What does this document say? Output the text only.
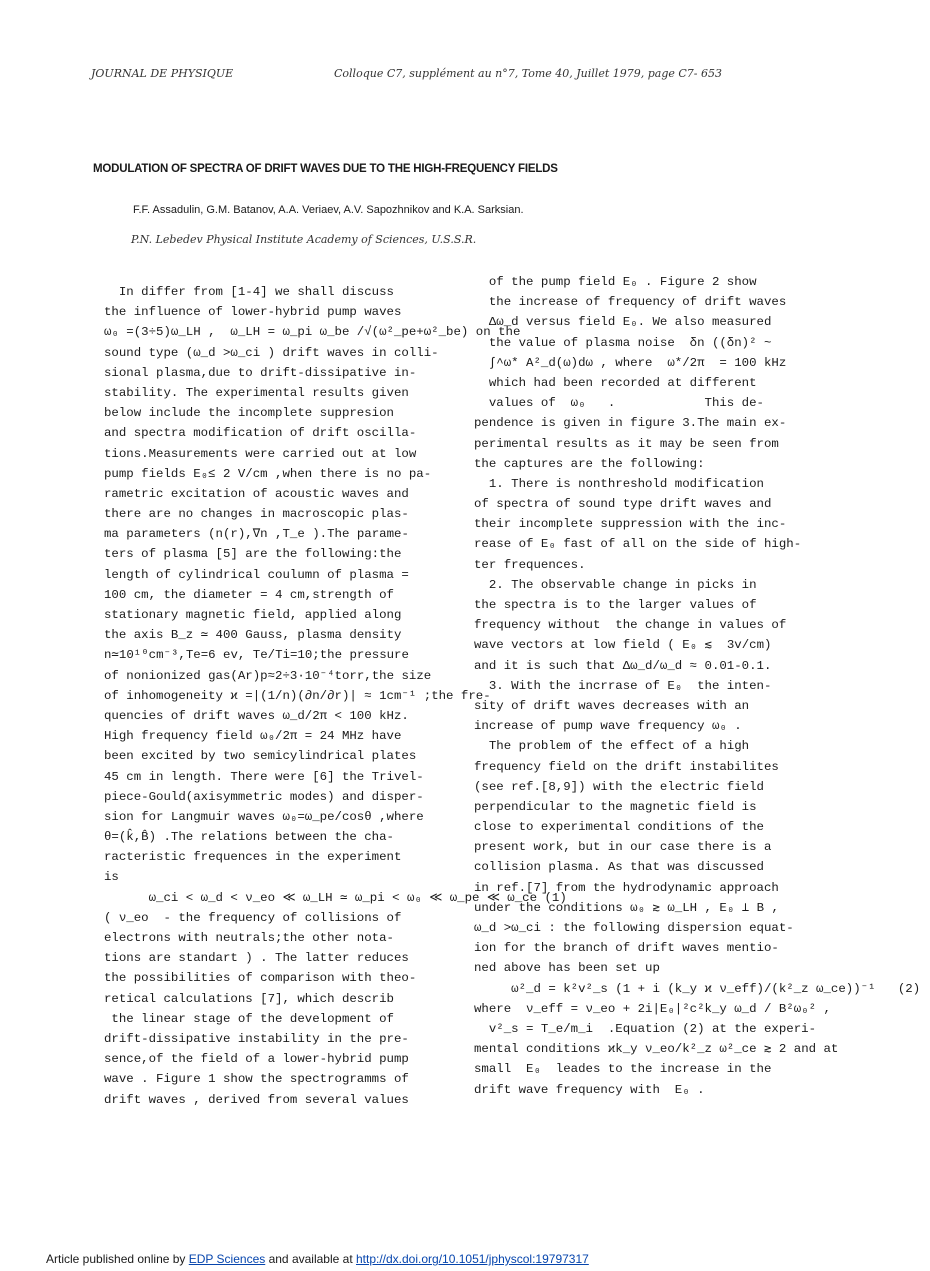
JOURNAL DE PHYSIQUE	Colloque C7, supplément au n°7, Tome 40, Juillet 1979, page C7- 653
MODULATION OF SPECTRA OF DRIFT WAVES DUE TO THE HIGH-FREQUENCY FIELDS
F.F. Assadulin, G.M. Batanov, A.A. Veriaev, A.V. Sapozhnikov and K.A. Sarksian.
P.N. Lebedev Physical Institute Academy of Sciences, U.S.S.R.
In differ from [1-4] we shall discuss
the influence of lower-hybrid pump waves
ω₀ =(3÷5)ω_LH ,  ω_LH = ω_pi ω_be /√(ω²_pe+ω²_be) on the
sound type (ω_d >ω_ci ) drift waves in colli-
sional plasma,due to drift-dissipative in-
stability. The experimental results given
below include the incomplete suppresion
and spectra modification of drift oscilla-
tions.Measurements were carried out at low
pump fields E₀≤ 2 V/cm ,when there is no pa-
rametric excitation of acoustic waves and
there are no changes in macroscopic plas-
ma parameters (n(r),∇n ,T_e ).The parame-
ters of plasma [5] are the following:the
length of cylindrical coulumn of plasma =
100 cm, the diameter = 4 cm,strength of
stationary magnetic field, applied along
the axis B_z ≃ 400 Gauss, plasma density
n≃10¹⁰cm⁻³,Te=6 ev, Te/Ti=10;the pressure
of nonionized gas(Ar)p≈2÷3·10⁻⁴torr,the size
of inhomogeneity ϰ =|(1/n)(∂n/∂r)| ≈ 1cm⁻¹ ;the fre-
quencies of drift waves ω_d/2π < 100 kHz.
High frequency field ω₀/2π = 24 MHz have
been excited by two semicylindrical plates
45 cm in length. There were [6] the Trivel-
piece-Gould(axisymmetric modes) and disper-
sion for Langmuir waves ω₀=ω_pe/cosθ ,where
θ=(k̂,B̂) .The relations between the cha-
racteristic frequences in the experiment
is
ω_ci < ω_d < ν_eo ≪ ω_LH ≃ ω_pi < ω₀ ≪ ω_pe ≪ ω_ce (1)
( ν_eo  - the frequency of collisions of
electrons with neutrals;the other nota-
tions are standart ) . The latter reduces
the possibilities of comparison with theo-
retical calculations [7], which describ
the linear stage of the development of
drift-dissipative instability in the pre-
sence,of the field of a lower-hybrid pump
wave . Figure 1 show the spectrogramms of
drift waves , derived from several values
of the pump field E₀ . Figure 2 show
the increase of frequency of drift waves
Δω_d versus field E₀. We also measured
the value of plasma noise  δn ((δn)² ~
∫^ω* A²_d(ω)dω , where  ω*/2π  = 100 kHz
which had been recorded at different
values of  ω₀   .            This de-
pendence is given in figure 3.The main ex-
perimental results as it may be seen from
the captures are the following:
1. There is nonthreshold modification
of spectra of sound type drift waves and
their incomplete suppression with the inc-
rease of E₀ fast of all on the side of high-
ter frequences.
2. The observable change in picks in
the spectra is to the larger values of
frequency without  the change in values of
wave vectors at low field ( E₀ ≲  3v/cm)
and it is such that Δω_d/ω_d ≈ 0.01-0.1.
3. With the incrrase of E₀  the inten-
sity of drift waves decreases with an
increase of pump wave frequency ω₀ .
The problem of the effect of a high
frequency field on the drift instabilites
(see ref.[8,9]) with the electric field
perpendicular to the magnetic field is
close to experimental conditions of the
present work, but in our case there is a
collision plasma. As that was discussed
in ref.[7] from the hydrodynamic approach
under the conditions ω₀ ≳ ω_LH , E₀ ⊥ B ,
ω_d >ω_ci : the following dispersion equat-
ion for the branch of drift waves mentio-
ned above has been set up
ω²_d = k²v²_s (1 + i (k_y ϰ ν_eff)/(k²_z ω_ce))⁻¹   (2)
where  ν_eff = ν_eo + 2i|E₀|²c²k_y ω_d / B²ω₀² ,
v²_s = T_e/m_i  .Equation (2) at the experi-
mental conditions ϰk_y ν_eo/k²_z ω²_ce ≳ 2 and at
small  E₀  leades to the increase in the
drift wave frequency with  E₀ .
Article published online by EDP Sciences and available at http://dx.doi.org/10.1051/jphyscol:19797317
